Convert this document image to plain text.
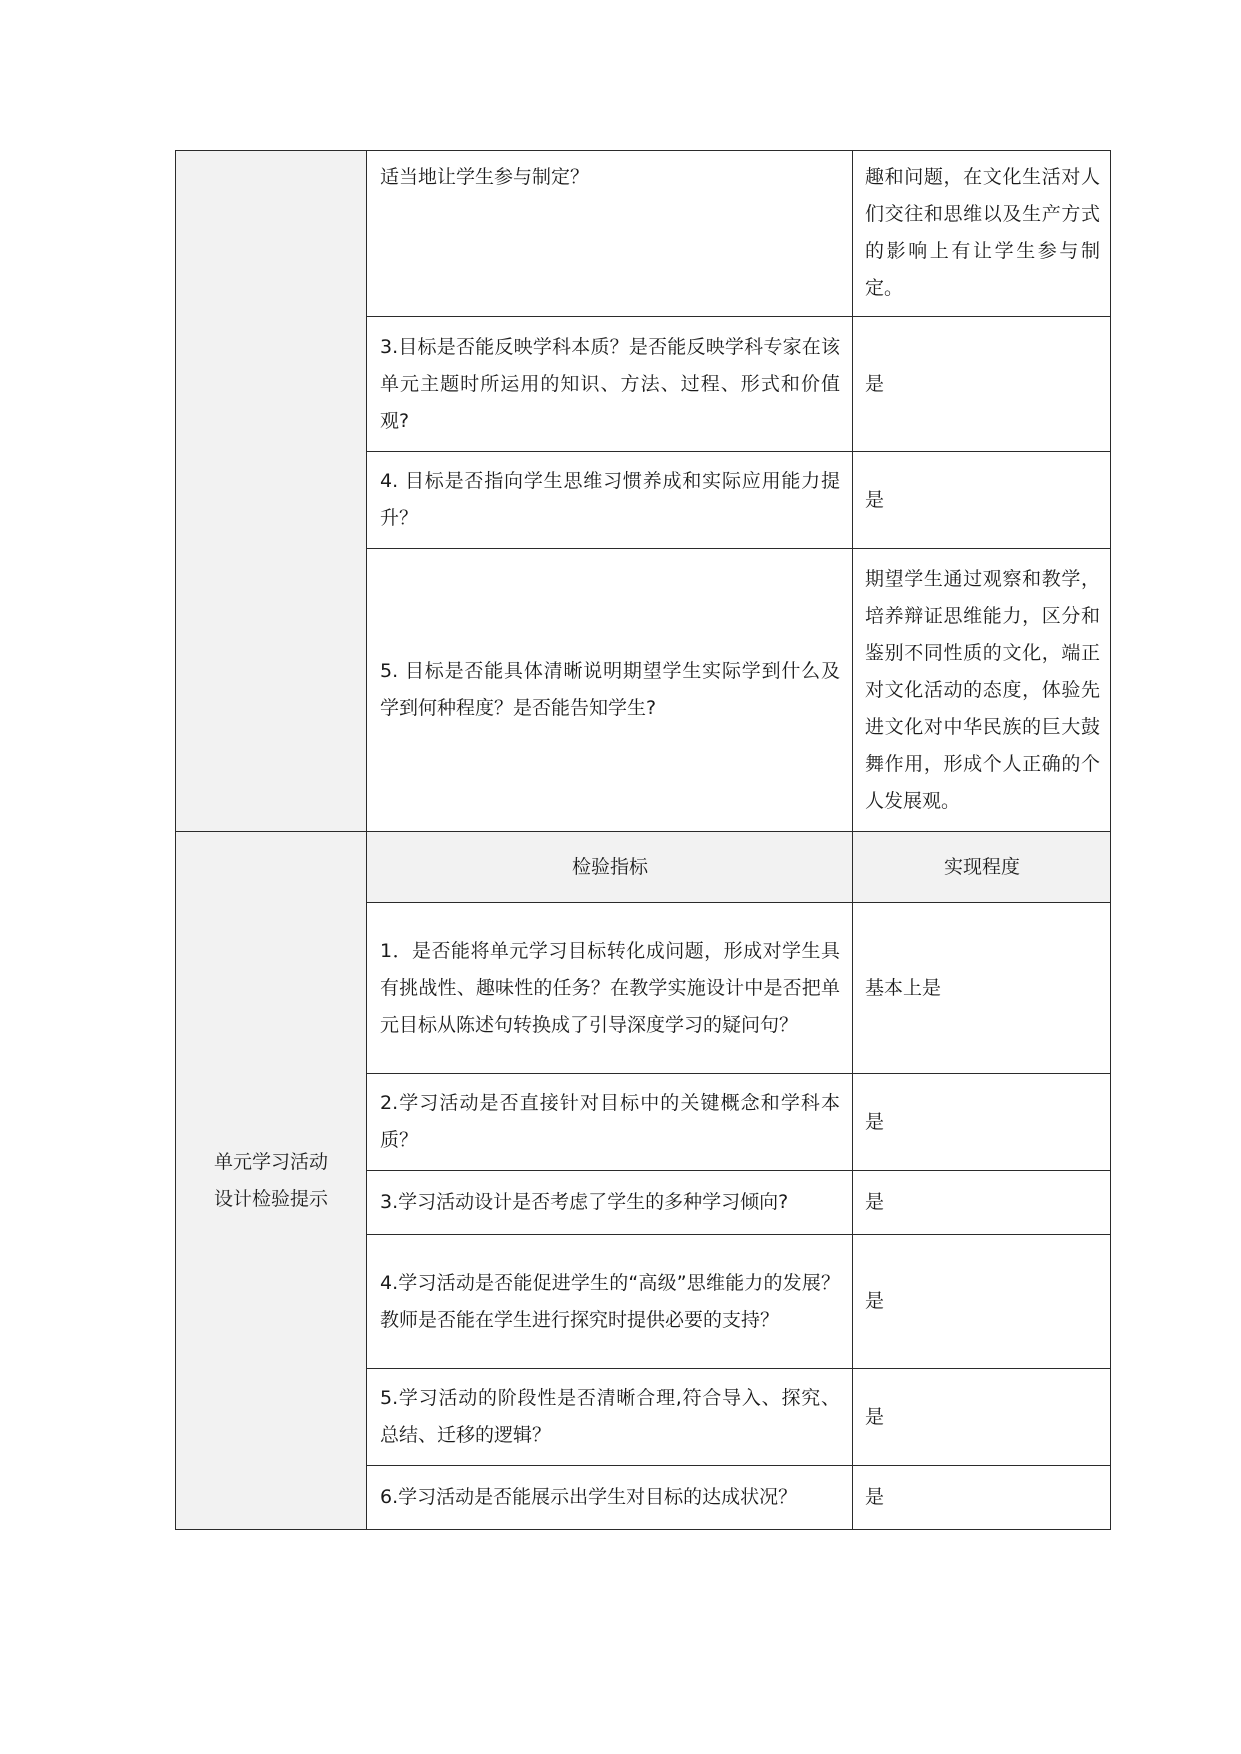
	适当地让学生参与制定？	趣和问题，在文化生活对人们交往和思维以及生产方式的影响上有让学生参与制定。
	3.目标是否能反映学科本质？是否能反映学科专家在该单元主题时所运用的知识、方法、过程、形式和价值观?	是
	4. 目标是否指向学生思维习惯养成和实际应用能力提升？	是
	5. 目标是否能具体清晰说明期望学生实际学到什么及学到何种程度？是否能告知学生?	期望学生通过观察和教学，培养辩证思维能力，区分和鉴别不同性质的文化，端正对文化活动的态度，体验先进文化对中华民族的巨大鼓舞作用，形成个人正确的个人发展观。

单元学习活动
设计检验提示	检验指标	实现程度
	1．是否能将单元学习目标转化成问题，形成对学生具有挑战性、趣味性的任务？在教学实施设计中是否把单元目标从陈述句转换成了引导深度学习的疑问句？	基本上是
	2.学习活动是否直接针对目标中的关键概念和学科本质？	是
	3.学习活动设计是否考虑了学生的多种学习倾向?	是
	4.学习活动是否能促进学生的“高级”思维能力的发展？教师是否能在学生进行探究时提供必要的支持？	是
	5.学习活动的阶段性是否清晰合理,符合导入、探究、总结、迁移的逻辑？	是
	6.学习活动是否能展示出学生对目标的达成状况？	是
